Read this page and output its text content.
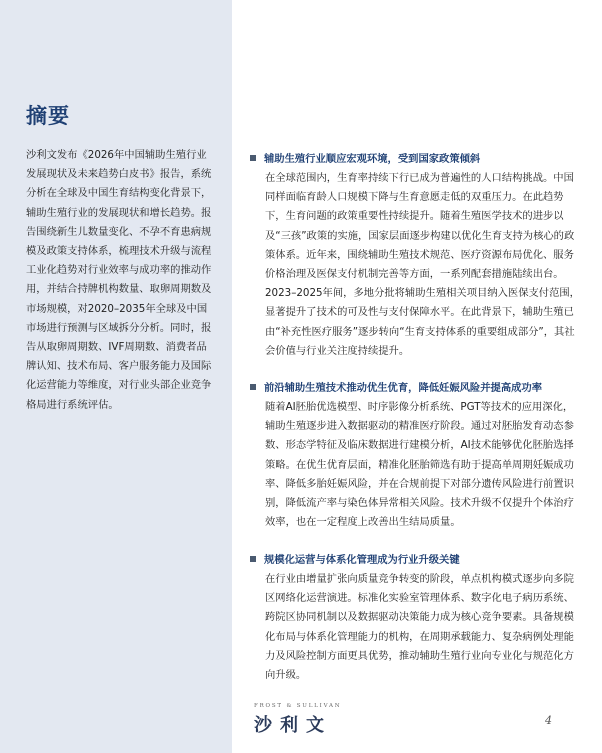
摘要
沙利文发布《2026年中国辅助生殖行业发展现状及未来趋势白皮书》报告，系统分析在全球及中国生育结构变化背景下，辅助生殖行业的发展现状和增长趋势。报告围绕新生儿数量变化、不孕不育患病规模及政策支持体系，梳理技术升级与流程工业化趋势对行业效率与成功率的推动作用，并结合持牌机构数量、取卵周期数及市场规模，对2020–2035年全球及中国市场进行预测与区域拆分分析。同时，报告从取卵周期数、IVF周期数、消费者品牌认知、技术布局、客户服务能力及国际化运营能力等维度，对行业头部企业竞争格局进行系统评估。
辅助生殖行业顺应宏观环境，受到国家政策倾斜
在全球范围内，生育率持续下行已成为普遍性的人口结构挑战。中国同样面临育龄人口规模下降与生育意愿走低的双重压力。在此趋势下，生育问题的政策重要性持续提升。随着生殖医学技术的进步以及“三孩”政策的实施，国家层面逐步构建以优化生育支持为核心的政策体系。近年来，围绕辅助生殖技术规范、医疗资源布局优化、服务价格治理及医保支付机制完善等方面，一系列配套措施陆续出台。2023–2025年间，多地分批将辅助生殖相关项目纳入医保支付范围，显著提升了技术的可及性与支付保障水平。在此背景下，辅助生殖已由“补充性医疗服务”逐步转向“生育支持体系的重要组成部分”，其社会价值与行业关注度持续提升。
前沿辅助生殖技术推动优生优育，降低妊娠风险并提高成功率
随着AI胚胎优选模型、时序影像分析系统、PGT等技术的应用深化，辅助生殖逐步进入数据驱动的精准医疗阶段。通过对胚胎发育动态参数、形态学特征及临床数据进行建模分析，AI技术能够优化胚胎选择策略。在优生优育层面，精准化胚胎筛选有助于提高单周期妊娠成功率、降低多胎妊娠风险，并在合规前提下对部分遗传风险进行前置识别，降低流产率与染色体异常相关风险。技术升级不仅提升个体治疗效率，也在一定程度上改善出生结局质量。
规模化运营与体系化管理成为行业升级关键
在行业由增量扩张向质量竞争转变的阶段，单点机构模式逐步向多院区网络化运营演进。标准化实验室管理体系、数字化电子病历系统、跨院区协同机制以及数据驱动决策能力成为核心竞争要素。具备规模化布局与体系化管理能力的机构，在周期承载能力、复杂病例处理能力及风险控制方面更具优势，推动辅助生殖行业向专业化与规范化方向升级。
FROST & SULLIVAN
沙利文	4
